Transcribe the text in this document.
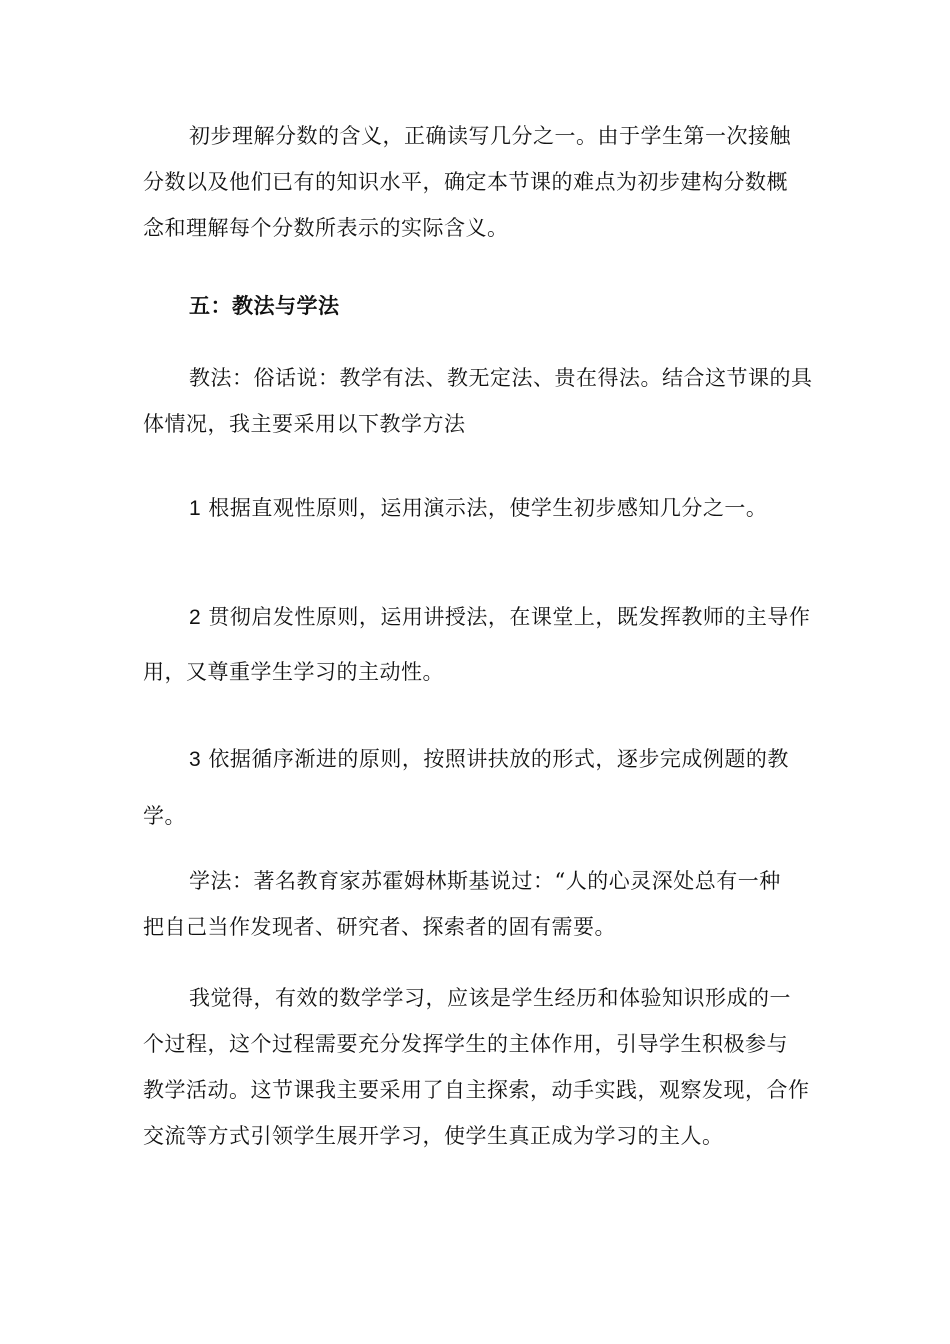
初步理解分数的含义，正确读写几分之一。由于学生第一次接触
分数以及他们已有的知识水平，确定本节课的难点为初步建构分数概
念和理解每个分数所表示的实际含义。

五：教法与学法

教法：俗话说：教学有法、教无定法、贵在得法。结合这节课的具
体情况，我主要采用以下教学方法

1 根据直观性原则，运用演示法，使学生初步感知几分之一。

2 贯彻启发性原则，运用讲授法，在课堂上，既发挥教师的主导作
用，又尊重学生学习的主动性。

3 依据循序渐进的原则，按照讲扶放的形式，逐步完成例题的教
学。

学法：著名教育家苏霍姆林斯基说过：“人的心灵深处总有一种
把自己当作发现者、研究者、探索者的固有需要。

我觉得，有效的数学学习，应该是学生经历和体验知识形成的一
个过程，这个过程需要充分发挥学生的主体作用，引导学生积极参与
教学活动。这节课我主要采用了自主探索，动手实践，观察发现，合作
交流等方式引领学生展开学习，使学生真正成为学习的主人。
